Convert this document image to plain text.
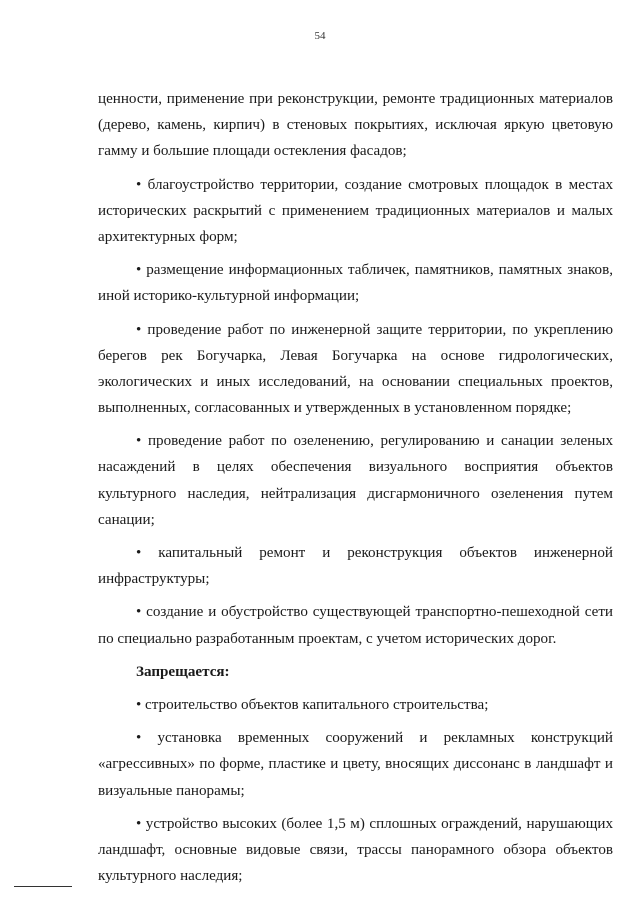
54
ценности, применение при реконструкции, ремонте традиционных материалов
(дерево, камень, кирпич) в стеновых покрытиях, исключая яркую цветовую
гамму и большие площади остекления фасадов;
• благоустройство территории, создание смотровых площадок в местах
исторических раскрытий с применением традиционных материалов и малых
архитектурных форм;
• размещение информационных табличек, памятников, памятных знаков,
иной историко-культурной информации;
• проведение работ по инженерной защите территории, по укреплению
берегов рек Богучарка, Левая Богучарка на основе гидрологических,
экологических и иных исследований, на основании специальных проектов,
выполненных, согласованных и утвержденных в установленном порядке;
• проведение работ по озеленению, регулированию и санации зеленых
насаждений в целях обеспечения визуального восприятия объектов
культурного наследия, нейтрализация дисгармоничного озеленения путем
санации;
• капитальный ремонт и реконструкция объектов инженерной
инфраструктуры;
• создание и обустройство существующей транспортно-пешеходной сети
по специально разработанным проектам, с учетом исторических дорог.
Запрещается:
• строительство объектов капитального строительства;
• установка временных сооружений и рекламных конструкций
«агрессивных» по форме, пластике и цвету, вносящих диссонанс в ландшафт и
визуальные панорамы;
• устройство высоких (более 1,5 м) сплошных ограждений, нарушающих
ландшафт, основные видовые связи, трассы панорамного обзора объектов
культурного наследия;
